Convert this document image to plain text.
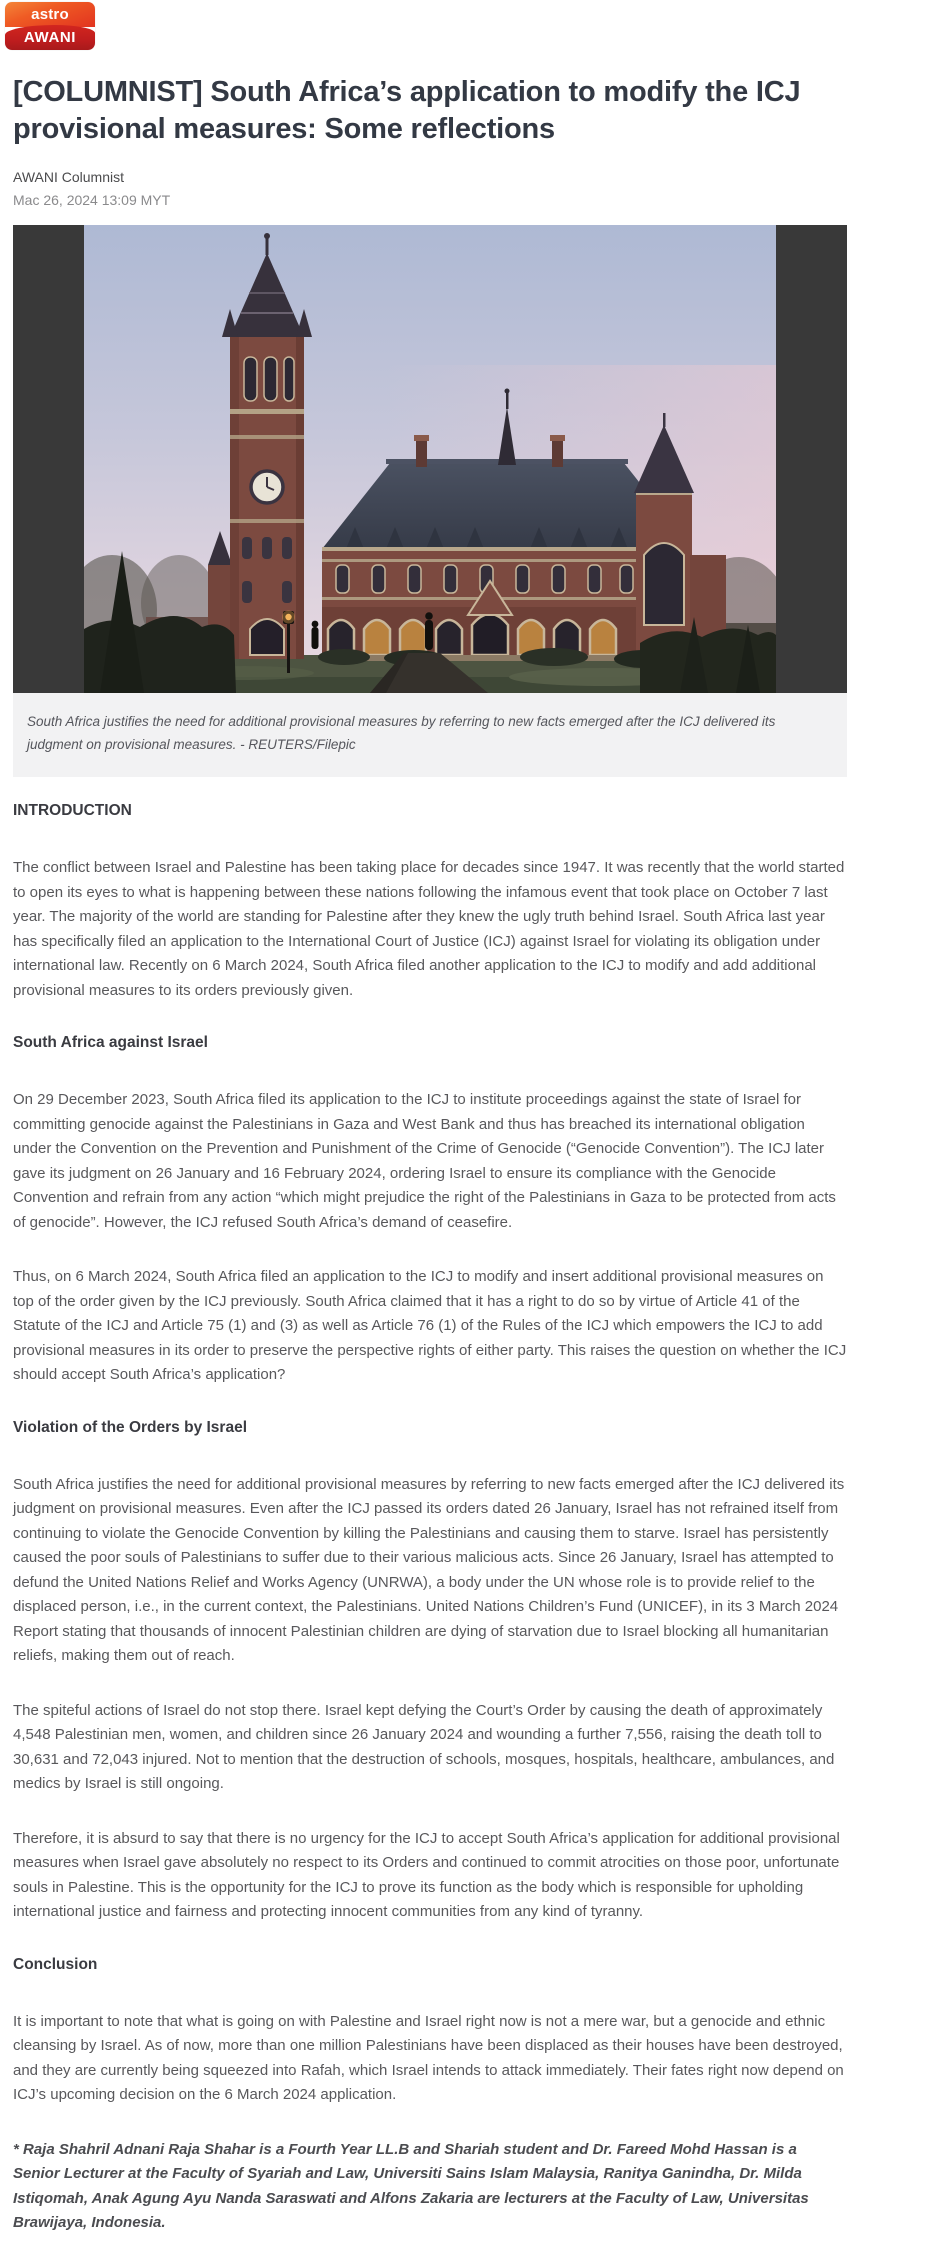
astro
AWANI
[COLUMNIST] South Africa’s application to modify the ICJ provisional measures: Some reflections
AWANI Columnist
Mac 26, 2024 13:09 MYT
South Africa justifies the need for additional provisional measures by referring to new facts emerged after the ICJ delivered its judgment on provisional measures. - REUTERS/Filepic
INTRODUCTION

The conflict between Israel and Palestine has been taking place for decades since 1947. It was recently that the world started to open its eyes to what is happening between these nations following the infamous event that took place on October 7 last year. The majority of the world are standing for Palestine after they knew the ugly truth behind Israel. South Africa last year has specifically filed an application to the International Court of Justice (ICJ) against Israel for violating its obligation under international law. Recently on 6 March 2024, South Africa filed another application to the ICJ to modify and add additional provisional measures to its orders previously given.

South Africa against Israel

On 29 December 2023, South Africa filed its application to the ICJ to institute proceedings against the state of Israel for committing genocide against the Palestinians in Gaza and West Bank and thus has breached its international obligation under the Convention on the Prevention and Punishment of the Crime of Genocide (“Genocide Convention”). The ICJ later gave its judgment on 26 January and 16 February 2024, ordering Israel to ensure its compliance with the Genocide Convention and refrain from any action “which might prejudice the right of the Palestinians in Gaza to be protected from acts of genocide”. However, the ICJ refused South Africa’s demand of ceasefire.

Thus, on 6 March 2024, South Africa filed an application to the ICJ to modify and insert additional provisional measures on top of the order given by the ICJ previously. South Africa claimed that it has a right to do so by virtue of Article 41 of the Statute of the ICJ and Article 75 (1) and (3) as well as Article 76 (1) of the Rules of the ICJ which empowers the ICJ to add provisional measures in its order to preserve the perspective rights of either party. This raises the question on whether the ICJ should accept South Africa’s application?

Violation of the Orders by Israel

South Africa justifies the need for additional provisional measures by referring to new facts emerged after the ICJ delivered its judgment on provisional measures. Even after the ICJ passed its orders dated 26 January, Israel has not refrained itself from continuing to violate the Genocide Convention by killing the Palestinians and causing them to starve. Israel has persistently caused the poor souls of Palestinians to suffer due to their various malicious acts. Since 26 January, Israel has attempted to defund the United Nations Relief and Works Agency (UNRWA), a body under the UN whose role is to provide relief to the displaced person, i.e., in the current context, the Palestinians. United Nations Children’s Fund (UNICEF), in its 3 March 2024 Report stating that thousands of innocent Palestinian children are dying of starvation due to Israel blocking all humanitarian reliefs, making them out of reach.

The spiteful actions of Israel do not stop there. Israel kept defying the Court’s Order by causing the death of approximately 4,548 Palestinian men, women, and children since 26 January 2024 and wounding a further 7,556, raising the death toll to 30,631 and 72,043 injured. Not to mention that the destruction of schools, mosques, hospitals, healthcare, ambulances, and medics by Israel is still ongoing.

Therefore, it is absurd to say that there is no urgency for the ICJ to accept South Africa’s application for additional provisional measures when Israel gave absolutely no respect to its Orders and continued to commit atrocities on those poor, unfortunate souls in Palestine. This is the opportunity for the ICJ to prove its function as the body which is responsible for upholding international justice and fairness and protecting innocent communities from any kind of tyranny.

Conclusion

It is important to note that what is going on with Palestine and Israel right now is not a mere war, but a genocide and ethnic cleansing by Israel. As of now, more than one million Palestinians have been displaced as their houses have been destroyed, and they are currently being squeezed into Rafah, which Israel intends to attack immediately. Their fates right now depend on ICJ’s upcoming decision on the 6 March 2024 application.

* Raja Shahril Adnani Raja Shahar is a Fourth Year LL.B and Shariah student and Dr. Fareed Mohd Hassan is a Senior Lecturer at the Faculty of Syariah and Law, Universiti Sains Islam Malaysia, Ranitya Ganindha, Dr. Milda Istiqomah, Anak Agung Ayu Nanda Saraswati and Alfons Zakaria are lecturers at the Faculty of Law, Universitas Brawijaya, Indonesia.
